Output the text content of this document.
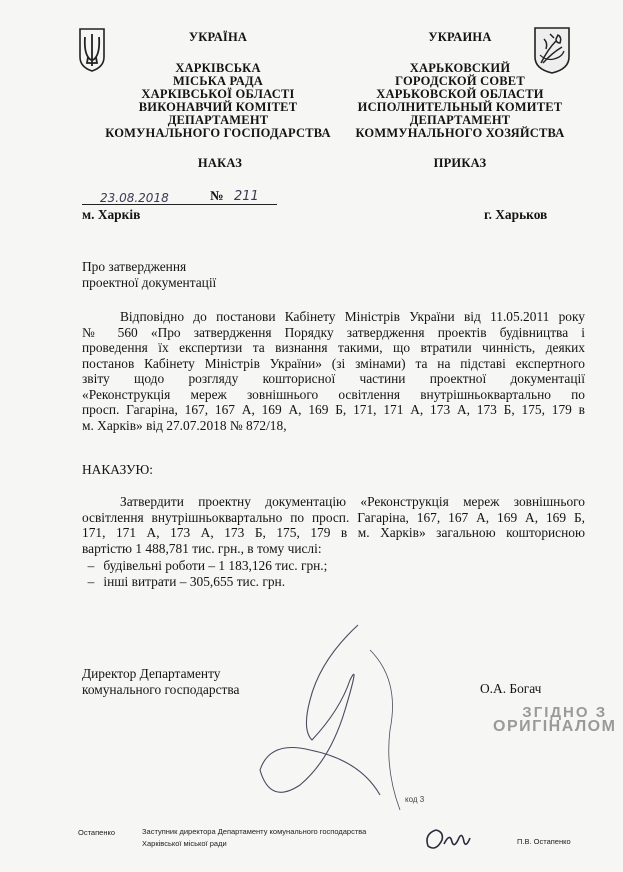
УКРАЇНА
ХАРКІВСЬКА
МІСЬКА РАДА
ХАРКІВСЬКОЇ ОБЛАСТІ
ВИКОНАВЧИЙ КОМІТЕТ
ДЕПАРТАМЕНТ
КОМУНАЛЬНОГО ГОСПОДАРСТВА
НАКАЗ
УКРАИНА
ХАРЬКОВСКИЙ
ГОРОДСКОЙ СОВЕТ
ХАРЬКОВСКОЙ ОБЛАСТИ
ИСПОЛНИТЕЛЬНЫЙ КОМИТЕТ
ДЕПАРТАМЕНТ
КОММУНАЛЬНОГО ХОЗЯЙСТВА
ПРИКАЗ
23.08.2018	№ 211
м. Харків	г. Харьков
Про затвердження
проектної документації
Відповідно до постанови Кабінету Міністрів України від 11.05.2011 року
№ 560 «Про затвердження Порядку затвердження проектів будівництва і
проведення їх експертизи та визнання такими, що втратили чинність, деяких
постанов Кабінету Міністрів України» (зі змінами) та на підставі експертного
звіту щодо розгляду кошторисної частини проектної документації
«Реконструкція мереж зовнішнього освітлення внутрішньоквартально по
просп. Гагаріна, 167, 167 А, 169 А, 169 Б, 171, 171 А, 173 А, 173 Б, 175, 179 в
м. Харків» від 27.07.2018 № 872/18,
НАКАЗУЮ:
Затвердити проектну документацію «Реконструкція мереж зовнішнього
освітлення внутрішньоквартально по просп. Гагаріна, 167, 167 А, 169 А, 169 Б,
171, 171 А, 173 А, 173 Б, 175, 179 в м. Харків» загальною кошторисною
вартістю 1 488,781 тис. грн., в тому числі:
– будівельні роботи – 1 183,126 тис. грн.;
– інші витрати – 305,655 тис. грн.
Директор Департаменту
комунального господарства	О.А. Богач
ЗГІДНО З
ОРИГІНАЛОМ
код 3
Остапенко	Заступник директора Департаменту комунального господарства
Харківської міської ради	П.В. Остапенко
